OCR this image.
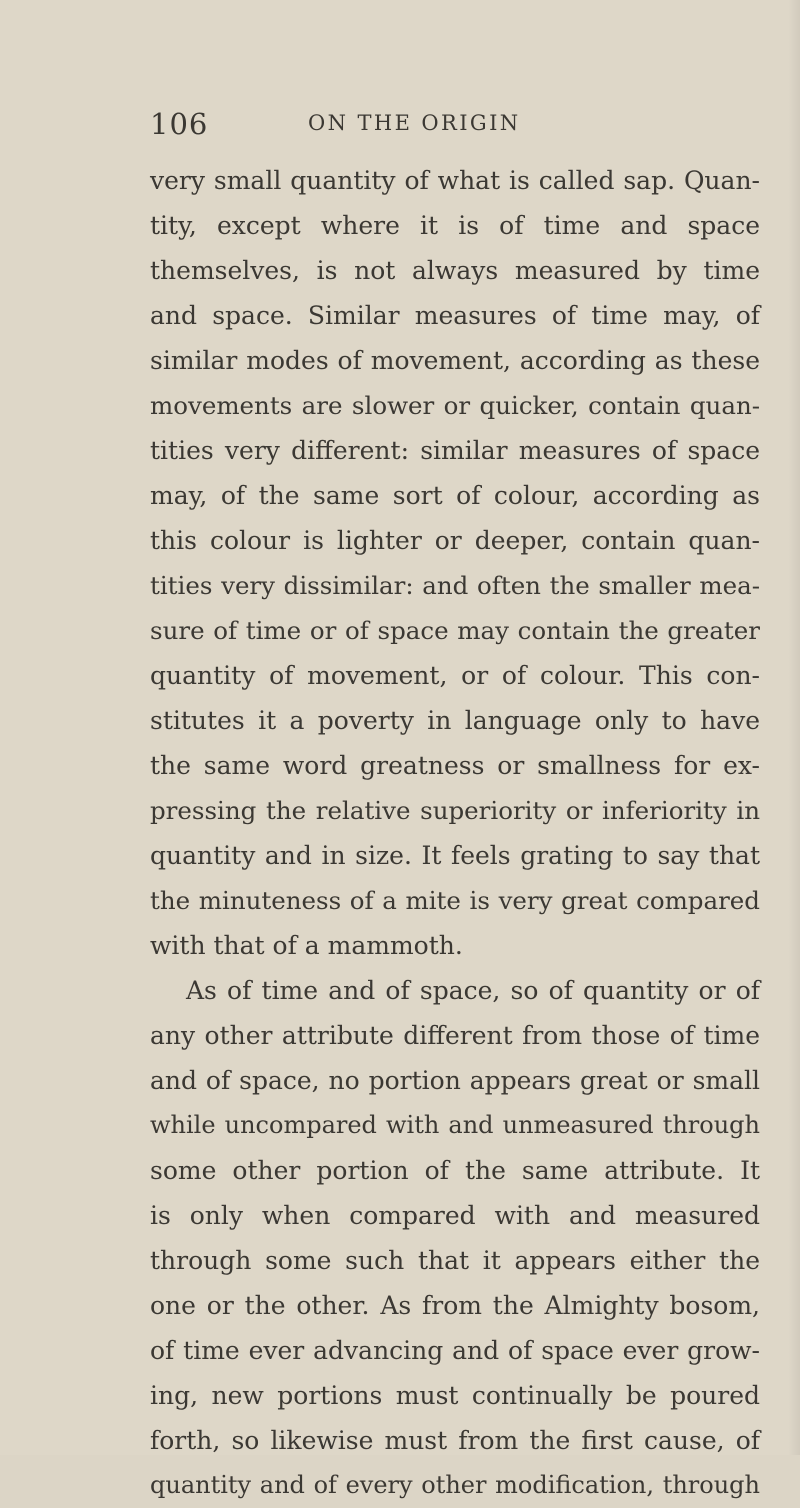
106	ON THE ORIGIN
very small quantity of what is called sap. Quan-
tity, except where it is of time and space
themselves, is not always measured by time
and space. Similar measures of time may, of
similar modes of movement, according as these
movements are slower or quicker, contain quan-
tities very different: similar measures of space
may, of the same sort of colour, according as
this colour is lighter or deeper, contain quan-
tities very dissimilar: and often the smaller mea-
sure of time or of space may contain the greater
quantity of movement, or of colour. This con-
stitutes it a poverty in language only to have
the same word greatness or smallness for ex-
pressing the relative superiority or inferiority in
quantity and in size. It feels grating to say that
the minuteness of a mite is very great compared
with that of a mammoth.
As of time and of space, so of quantity or of
any other attribute different from those of time
and of space, no portion appears great or small
while uncompared with and unmeasured through
some other portion of the same attribute. It
is only when compared with and measured
through some such that it appears either the
one or the other. As from the Almighty bosom,
of time ever advancing and of space ever grow-
ing, new portions must continually be poured
forth, so likewise must from the first cause, of
quantity and of every other modification, through
